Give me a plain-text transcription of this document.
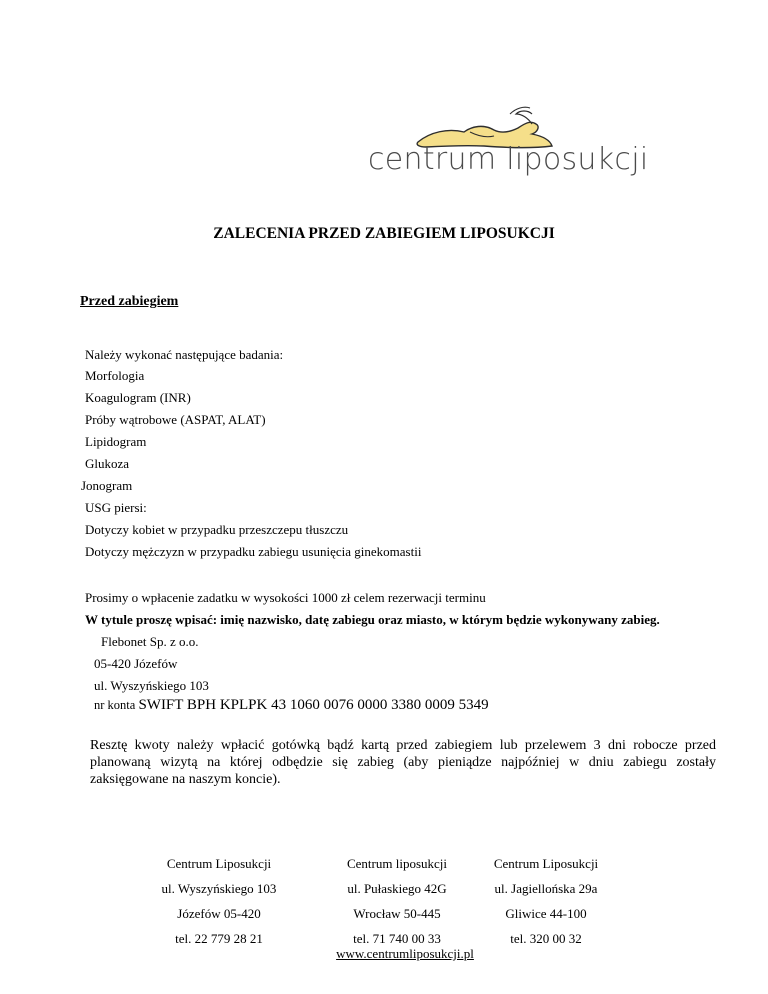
centrum liposukcji
ZALECENIA PRZED ZABIEGIEM LIPOSUKCJI
Przed zabiegiem
Należy wykonać następujące badania:
Morfologia
Koagulogram (INR)
Próby wątrobowe (ASPAT, ALAT)
Lipidogram
Glukoza
Jonogram
USG piersi:
Dotyczy kobiet w przypadku przeszczepu tłuszczu
Dotyczy mężczyzn w przypadku zabiegu usunięcia ginekomastii
Prosimy o wpłacenie zadatku w wysokości 1000 zł celem rezerwacji terminu
W tytule proszę wpisać: imię nazwisko, datę zabiegu oraz miasto, w którym będzie wykonywany zabieg.
Flebonet Sp. z o.o.
05-420 Józefów
ul. Wyszyńskiego 103
nr konta SWIFT BPH KPLPK 43 1060 0076 0000 3380 0009 5349
Resztę kwoty należy wpłacić gotówką bądź kartą przed zabiegiem lub przelewem 3 dni robocze przed planowaną wizytą na której odbędzie się zabieg (aby pieniądze najpóźniej w dniu zabiegu zostały zaksięgowane na naszym koncie).
Centrum Liposukcji
ul. Wyszyńskiego 103
Józefów 05-420
tel. 22 779 28 21
Centrum liposukcji
ul. Pułaskiego 42G
Wrocław 50-445
tel. 71 740 00 33
Centrum Liposukcji
ul. Jagiellońska 29a
Gliwice 44-100
tel. 320 00 32
www.centrumliposukcji.pl
